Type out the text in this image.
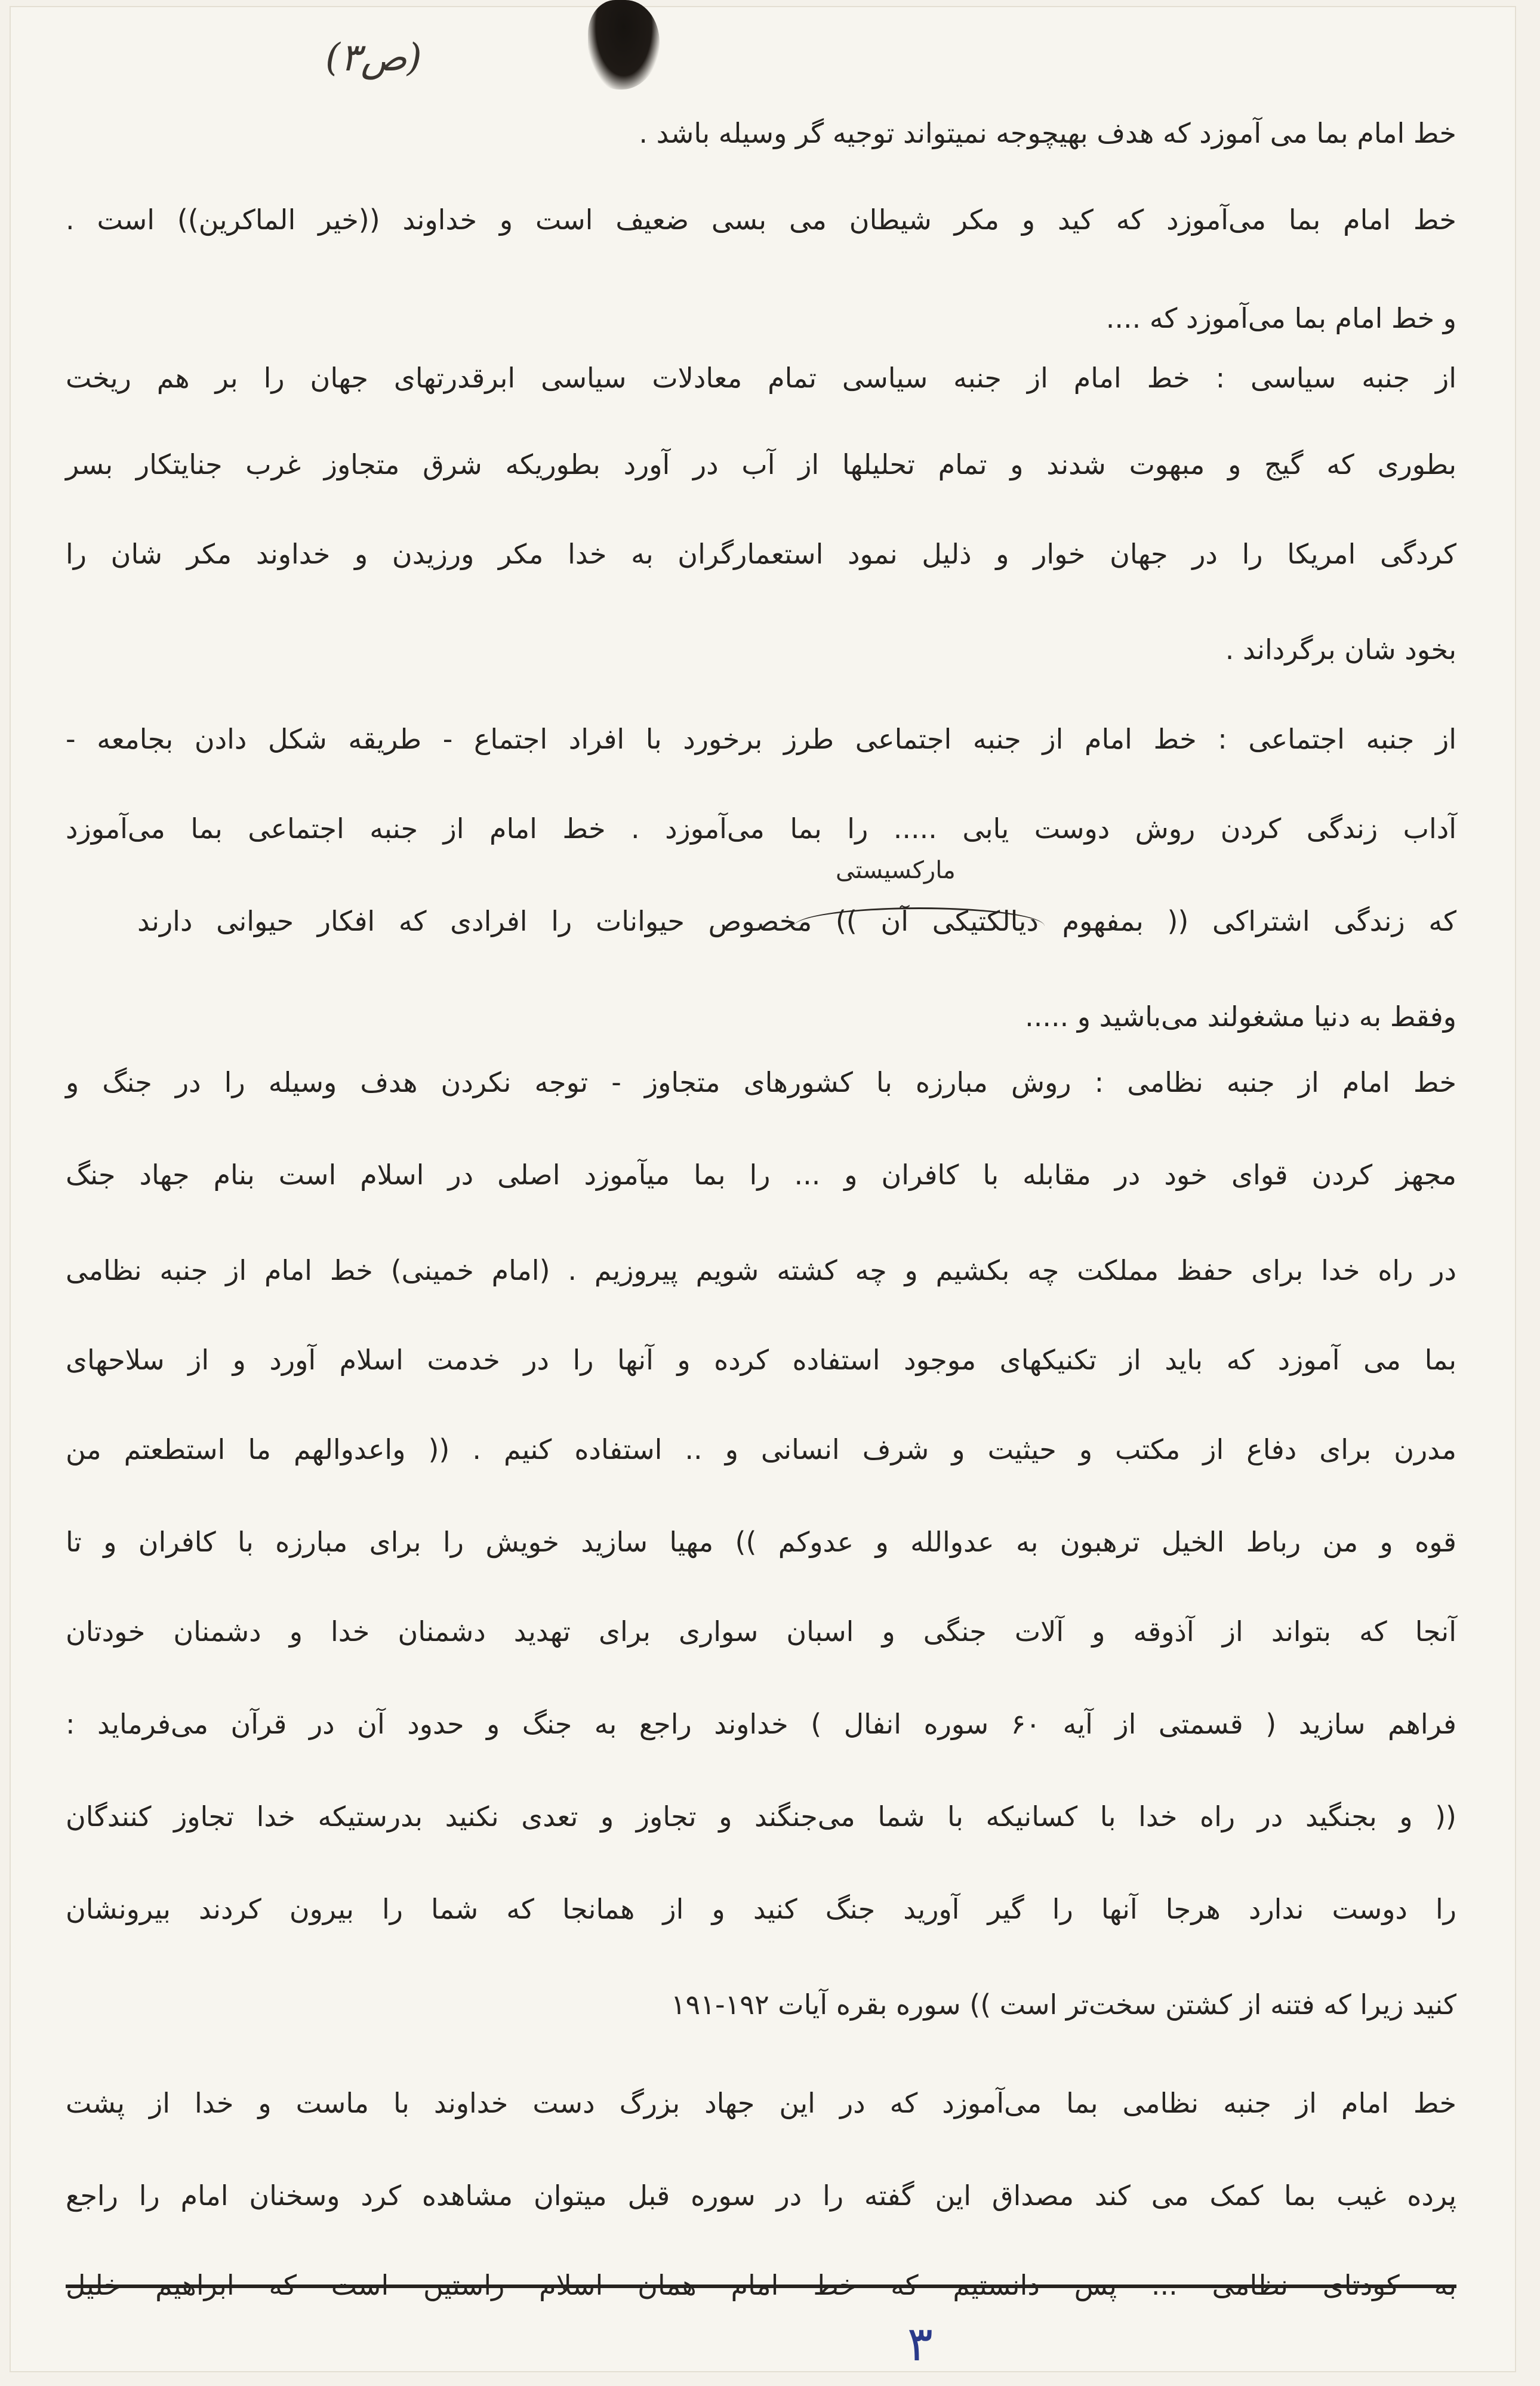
(ص۳)
خط امام بما می آموزد که هدف بهیچوجه نمیتواند توجیه گر وسیله باشد .
خط امام بما می‌آموزد که کید و مکر شیطان می بسی ضعیف است و خداوند ((خیر الماکرین)) است .
و خط امام بما می‌آموزد که ....
از جنبه سیاسی : خط امام از جنبه سیاسی تمام معادلات سیاسی ابرقدرتهای جهان را بر هم ریخت
بطوری که گیج و مبهوت شدند و تمام تحلیلها از آب در آورد بطوریکه شرق متجاوز غرب جنایتکار بسر
کردگی امریکا را در جهان خوار و ذلیل نمود استعمارگران به خدا مکر ورزیدن و خداوند مکر شان را
بخود شان برگرداند .
از جنبه اجتماعی : خط امام از جنبه اجتماعی طرز برخورد با افراد اجتماع - طریقه شکل دادن بجامعه -
آداب زندگی کردن روش دوست یابی ..... را بما می‌آموزد . خط امام از جنبه اجتماعی بما می‌آموزد
مارکسیستی
که زندگی اشتراکی (( بمفهوم دیالکتیکی آن )) مخصوص حیوانات را افرادی که افکار حیوانی دارند
وفقط به دنیا مشغولند می‌باشید و .....
خط امام از جنبه نظامی : روش مبارزه با کشورهای متجاوز - توجه نکردن هدف وسیله را در جنگ و
مجهز کردن قوای خود در مقابله با کافران و ... را بما میآموزد اصلی در اسلام است بنام جهاد جنگ
در راه خدا برای حفظ مملکت چه بکشیم و چه کشته شویم پیروزیم . (امام خمینی) خط امام از جنبه نظامی
بما می آموزد که باید از تکنیکهای موجود استفاده کرده و آنها را در خدمت اسلام آورد و از سلاحهای
مدرن برای دفاع از مکتب و حیثیت و شرف انسانی و .. استفاده کنیم . (( واعدوالهم ما استطعتم من
قوه و من رباط الخیل ترهبون به عدوالله و عدوکم )) مهیا سازید خویش را برای مبارزه با کافران و تا
آنجا که بتواند از آذوقه و آلات جنگی و اسبان سواری برای تهدید دشمنان خدا و دشمنان خودتان
فراهم سازید ( قسمتی از آیه ۶۰ سوره انفال ) خداوند راجع به جنگ و حدود آن در قرآن می‌فرماید :
(( و بجنگید در راه خدا با کسانیکه با شما می‌جنگند و تجاوز و تعدی نکنید بدرستیکه خدا تجاوز کنندگان
را دوست ندارد هرجا آنها را گیر آورید جنگ کنید و از همانجا که شما را بیرون کردند بیرونشان
کنید زیرا که فتنه از کشتن سخت‌تر است )) سوره بقره آیات ۱۹۲-۱۹۱
خط امام از جنبه نظامی بما می‌آموزد که در این جهاد بزرگ دست خداوند با ماست و خدا از پشت
پرده غیب بما کمک می کند مصداق این گفته را در سوره قبل میتوان مشاهده کرد وسخنان امام را راجع
به کودتای نظامی ... پس دانستیم که خط امام همان اسلام راستین است که ابراهیم خلیل
۳
